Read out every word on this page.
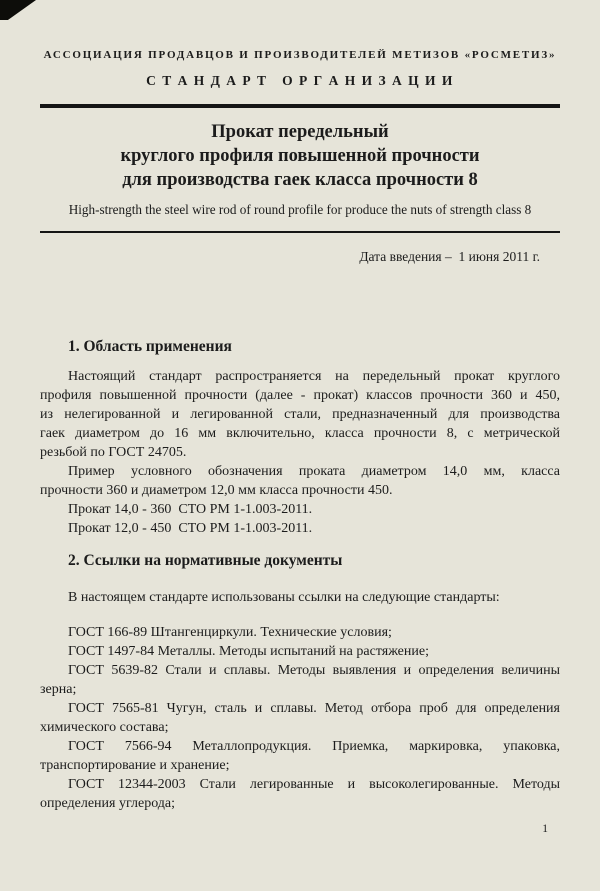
АССОЦИАЦИЯ ПРОДАВЦОВ И ПРОИЗВОДИТЕЛЕЙ МЕТИЗОВ «РОСМЕТИЗ»
С Т А Н Д А Р Т   О Р Г А Н И З А Ц И И
Прокат передельный
круглого профиля повышенной прочности
для производства гаек класса прочности 8
High-strength the steel wire rod of round profile for produce the nuts of strength class 8
Дата введения –  1 июня 2011 г.
1. Область применения
Настоящий стандарт распространяется на передельный прокат круглого
профиля повышенной прочности (далее - прокат) классов прочности 360 и 450,
из нелегированной и легированной стали, предназначенный для производства
гаек диаметром до 16 мм включительно, класса прочности 8, с метрической
резьбой по ГОСТ 24705.
Пример условного обозначения проката диаметром 14,0 мм, класса
прочности 360 и диаметром 12,0 мм класса прочности 450.
Прокат 14,0 - 360  СТО РМ 1-1.003-2011.
Прокат 12,0 - 450  СТО РМ 1-1.003-2011.
2. Ссылки на нормативные документы
В настоящем стандарте использованы ссылки на следующие стандарты:
ГОСТ 166-89 Штангенциркули. Технические условия;
ГОСТ 1497-84 Металлы. Методы испытаний на растяжение;
ГОСТ 5639-82 Стали и сплавы. Методы выявления и определения величины
зерна;
ГОСТ 7565-81 Чугун, сталь и сплавы. Метод отбора проб для определения
химического состава;
ГОСТ 7566-94 Металлопродукция. Приемка, маркировка, упаковка,
транспортирование и хранение;
ГОСТ 12344-2003 Стали легированные и высоколегированные. Методы
определения углерода;
1
